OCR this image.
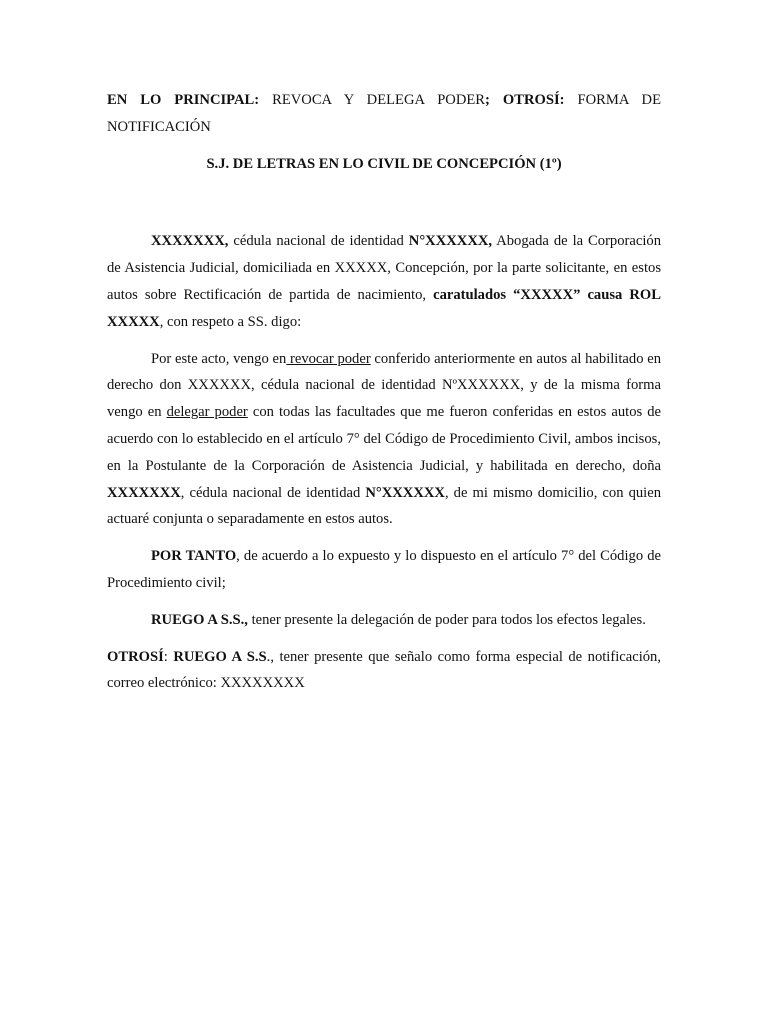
EN LO PRINCIPAL: REVOCA Y DELEGA PODER; OTROSÍ: FORMA DE NOTIFICACIÓN

S.J. DE LETRAS EN LO CIVIL DE CONCEPCIÓN (1º)

XXXXXXX, cédula nacional de identidad N°XXXXXX, Abogada de la Corporación de Asistencia Judicial, domiciliada en XXXXX, Concepción, por la parte solicitante, en estos autos sobre Rectificación de partida de nacimiento, caratulados “XXXXX” causa ROL XXXXX, con respeto a SS. digo:

Por este acto, vengo en revocar poder conferido anteriormente en autos al habilitado en derecho don XXXXXX, cédula nacional de identidad NºXXXXXX, y de la misma forma vengo en delegar poder con todas las facultades que me fueron conferidas en estos autos de acuerdo con lo establecido en el artículo 7° del Código de Procedimiento Civil, ambos incisos, en la Postulante de la Corporación de Asistencia Judicial, y habilitada en derecho, doña XXXXXXX, cédula nacional de identidad N°XXXXXX, de mi mismo domicilio, con quien actuaré conjunta o separadamente en estos autos.

POR TANTO, de acuerdo a lo expuesto y lo dispuesto en el artículo 7° del Código de Procedimiento civil;

RUEGO A S.S., tener presente la delegación de poder para todos los efectos legales.

OTROSÍ: RUEGO A S.S., tener presente que señalo como forma especial de notificación, correo electrónico: XXXXXXXX
